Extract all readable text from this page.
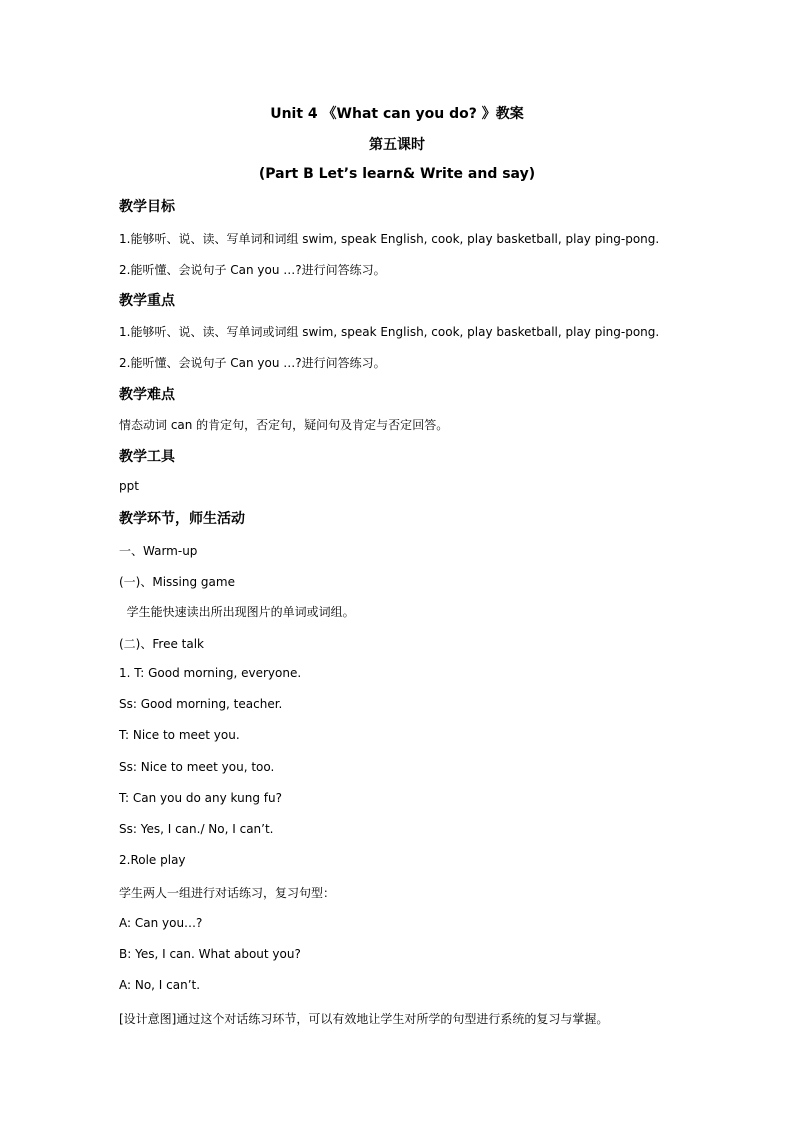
Unit 4 《What can you do? 》教案
第五课时
(Part B Let’s learn& Write and say)
教学目标
1.能够听、说、读、写单词和词组 swim, speak English, cook, play basketball, play ping-pong.
2.能听懂、会说句子 Can you …?进行问答练习。
教学重点
1.能够听、说、读、写单词或词组 swim, speak English, cook, play basketball, play ping-pong.
2.能听懂、会说句子 Can you …?进行问答练习。
教学难点
情态动词 can 的肯定句，否定句，疑问句及肯定与否定回答。
教学工具
ppt
教学环节，师生活动
一、Warm-up
(一)、Missing game
学生能快速读出所出现图片的单词或词组。
(二)、Free talk
1. T: Good morning, everyone.
Ss: Good morning, teacher.
T: Nice to meet you.
Ss: Nice to meet you, too.
T: Can you do any kung fu?
Ss: Yes, I can./ No, I can’t.
2.Role play
学生两人一组进行对话练习，复习句型：
A: Can you…?
B: Yes, I can. What about you?
A: No, I can’t.
[设计意图]通过这个对话练习环节，可以有效地让学生对所学的句型进行系统的复习与掌握。
